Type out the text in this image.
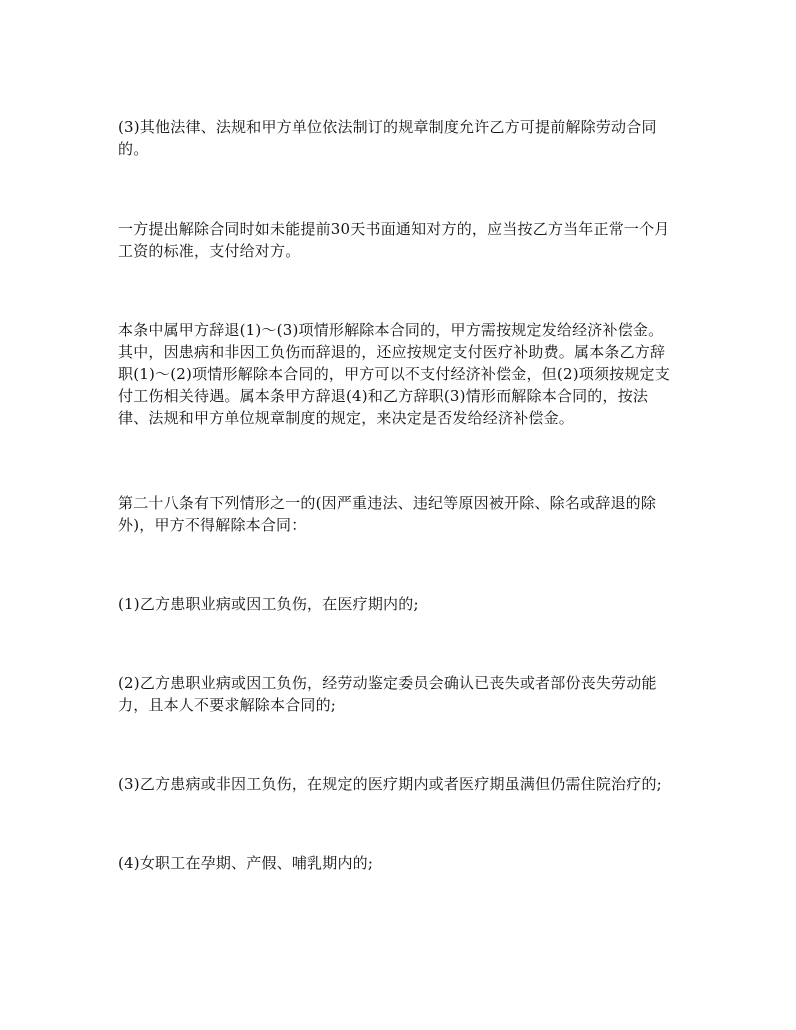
(3)其他法律、法规和甲方单位依法制订的规章制度允许乙方可提前解除劳动合同的。

一方提出解除合同时如未能提前30天书面通知对方的，应当按乙方当年正常一个月工资的标准，支付给对方。

本条中属甲方辞退(1)～(3)项情形解除本合同的，甲方需按规定发给经济补偿金。其中，因患病和非因工负伤而辞退的，还应按规定支付医疗补助费。属本条乙方辞职(1)～(2)项情形解除本合同的，甲方可以不支付经济补偿金，但(2)项须按规定支付工伤相关待遇。属本条甲方辞退(4)和乙方辞职(3)情形而解除本合同的，按法律、法规和甲方单位规章制度的规定，来决定是否发给经济补偿金。

第二十八条有下列情形之一的(因严重违法、违纪等原因被开除、除名或辞退的除外)，甲方不得解除本合同：

(1)乙方患职业病或因工负伤，在医疗期内的;

(2)乙方患职业病或因工负伤，经劳动鉴定委员会确认已丧失或者部份丧失劳动能力，且本人不要求解除本合同的;

(3)乙方患病或非因工负伤，在规定的医疗期内或者医疗期虽满但仍需住院治疗的;

(4)女职工在孕期、产假、哺乳期内的;
